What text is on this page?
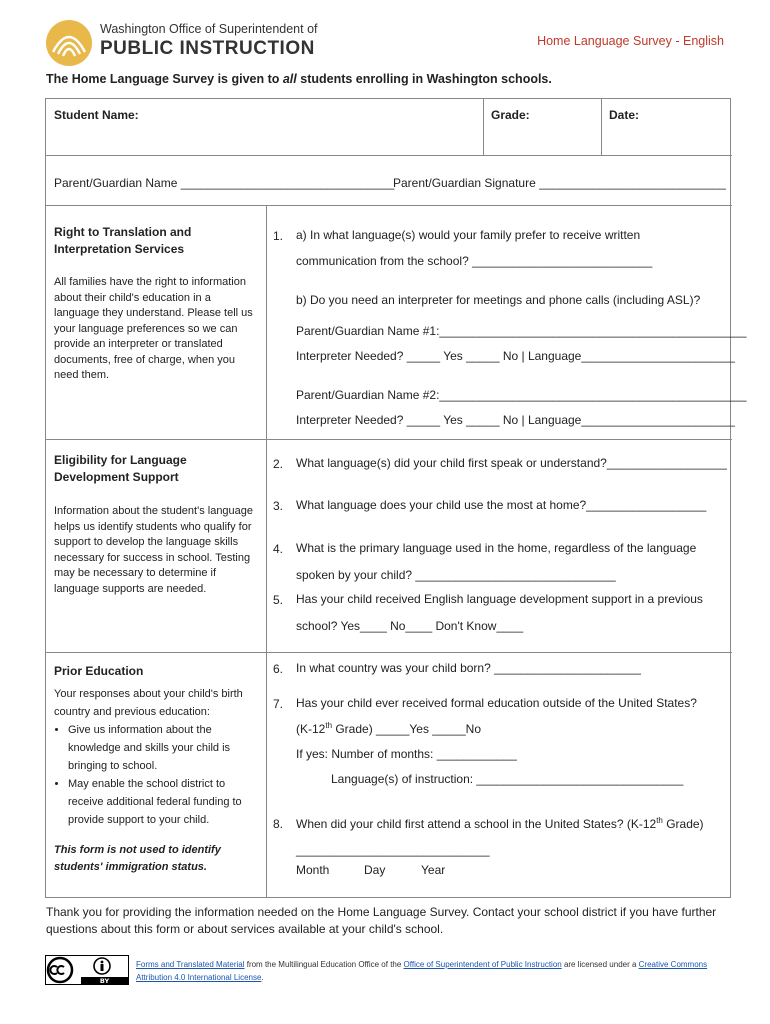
Washington Office of Superintendent of
PUBLIC INSTRUCTION	Home Language Survey - English
The Home Language Survey is given to all students enrolling in Washington schools.
Student Name:	Grade:	Date:
Parent/Guardian Name ________________________________
Parent/Guardian Signature ____________________________
Right to Translation and
Interpretation Services
All families have the right to information about their child's education in a language they understand. Please tell us your language preferences so we can provide an interpreter or translated documents, free of charge, when you need them.
1. a) In what language(s) would your family prefer to receive written
communication from the school? ___________________________
b) Do you need an interpreter for meetings and phone calls (including ASL)?
Parent/Guardian Name #1:______________________________________________
Interpreter Needed? _____ Yes _____ No | Language_______________________
Parent/Guardian Name #2:______________________________________________
Interpreter Needed? _____ Yes _____ No | Language_______________________
Eligibility for Language
Development Support
Information about the student's language helps us identify students who qualify for support to develop the language skills necessary for success in school. Testing may be necessary to determine if language supports are needed.
2. What language(s) did your child first speak or understand?__________________
3. What language does your child use the most at home?__________________
4. What is the primary language used in the home, regardless of the language
spoken by your child? ______________________________
5. Has your child received English language development support in a previous
school? Yes____ No____ Don't Know____
Prior Education
Your responses about your child's birth country and previous education:
• Give us information about the knowledge and skills your child is bringing to school.
• May enable the school district to receive additional federal funding to provide support to your child.
This form is not used to identify students' immigration status.
6. In what country was your child born? ______________________
7. Has your child ever received formal education outside of the United States?
(K-12th Grade) _____Yes _____No
If yes: Number of months: ____________
Language(s) of instruction: _______________________________
8. When did your child first attend a school in the United States? (K-12th Grade)
_____________________________
Month	Day	Year
Thank you for providing the information needed on the Home Language Survey. Contact your school district if you have further questions about this form or about services available at your child's school.
BY
Forms and Translated Material from the Multilingual Education Office of the Office of Superintendent of Public Instruction are licensed under a Creative Commons Attribution 4.0 International License.
